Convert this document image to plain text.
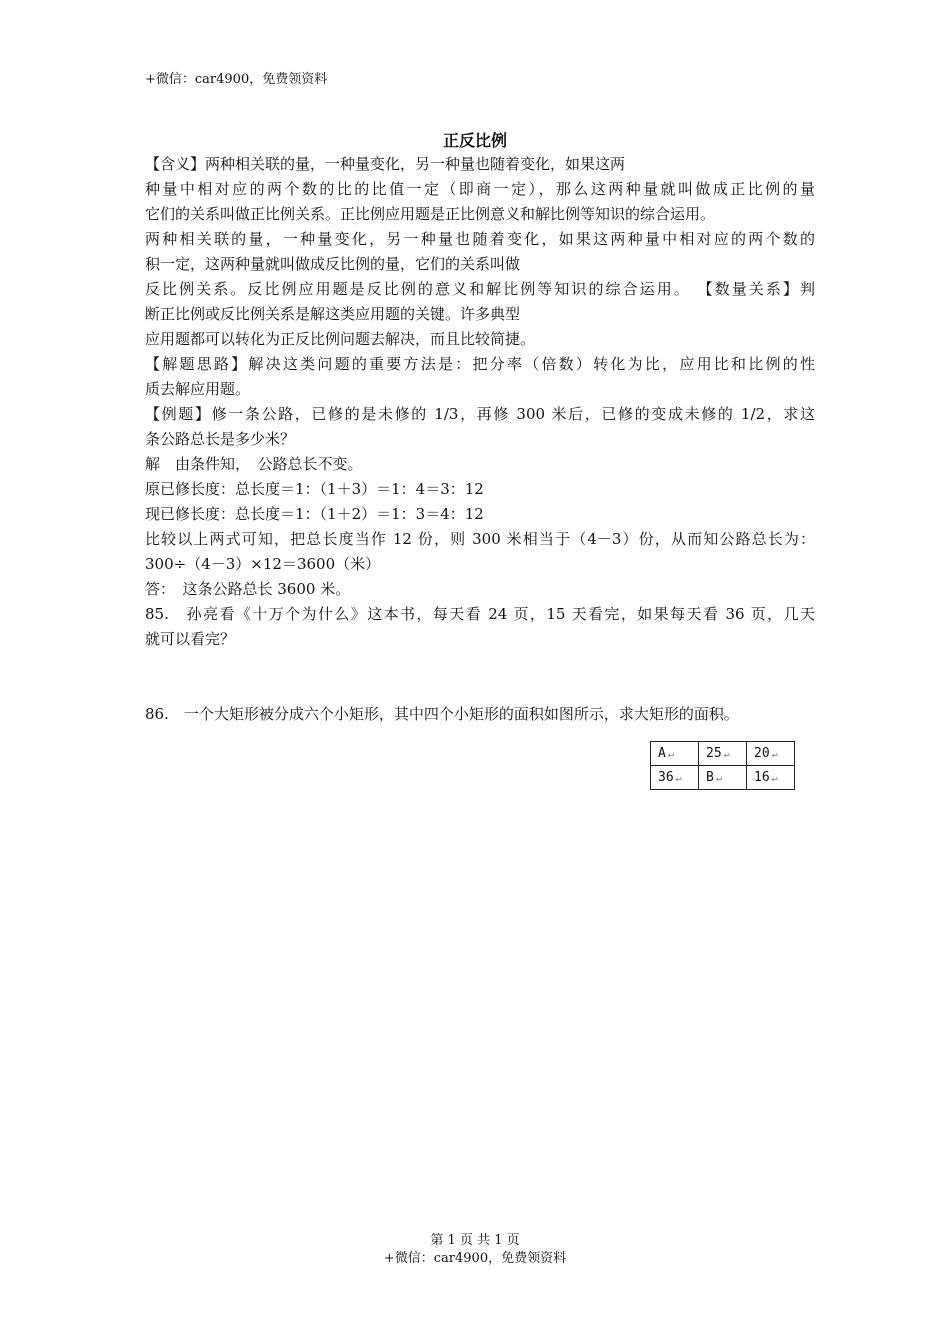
+微信：car4900，免费领资料
正反比例

【含义】两种相关联的量，一种量变化，另一种量也随着变化，如果这两

种量中相对应的两个数的比的比值一定（即商一定），那么这两种量就叫做成正比例的量

它们的关系叫做正比例关系。正比例应用题是正比例意义和解比例等知识的综合运用。

两种相关联的量，一种量变化，另一种量也随着变化，如果这两种量中相对应的两个数的

积一定，这两种量就叫做成反比例的量，它们的关系叫做

反比例关系。反比例应用题是反比例的意义和解比例等知识的综合运用。 【数量关系】判

断正比例或反比例关系是解这类应用题的关键。许多典型

应用题都可以转化为正反比例问题去解决，而且比较简捷。

【解题思路】解决这类问题的重要方法是：把分率（倍数）转化为比，应用比和比例的性

质去解应用题。

【例题】修一条公路，已修的是未修的 1/3，再修 300 米后，已修的变成未修的 1/2，求这

条公路总长是多少米？

解　由条件知，　公路总长不变。

原已修长度：总长度＝1：（1＋3）＝1：4＝3：12

现已修长度：总长度＝1：（1＋2）＝1：3＝4：12

比较以上两式可知，把总长度当作 12 份，则 300 米相当于（4－3）份，从而知公路总长为：

300÷（4－3）×12＝3600（米）

答：　这条公路总长 3600 米。

85.　孙亮看《十万个为什么》这本书，每天看 24 页，15 天看完，如果每天看 36 页，几天

就可以看完？

86.　一个大矩形被分成六个小矩形，其中四个小矩形的面积如图所示，求大矩形的面积。

A ↵	25 ↵	20 ↵
36 ↵	B ↵	16 ↵
第 1 页 共 1 页
+微信：car4900，免费领资料
